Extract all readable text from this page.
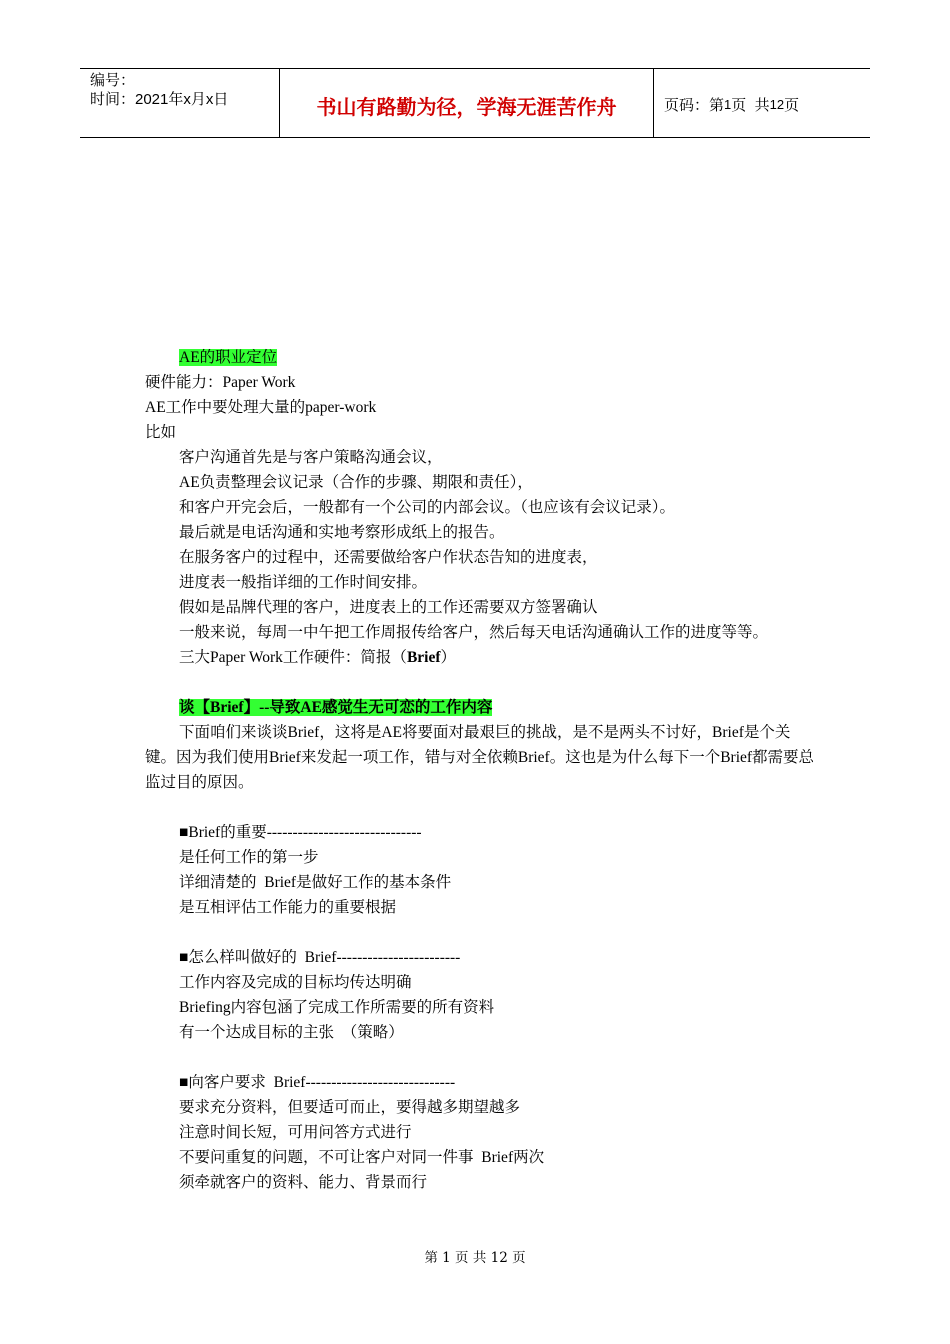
编号：
时间：2021年x月x日	书山有路勤为径，学海无涯苦作舟	页码：第 1 页  共 12 页
AE的职业定位
硬件能力：Paper Work
AE工作中要处理大量的paper-work
比如
客户沟通首先是与客户策略沟通会议，
AE负责整理会议记录（合作的步骤、期限和责任），
和客户开完会后，一般都有一个公司的内部会议。（也应该有会议记录）。
最后就是电话沟通和实地考察形成纸上的报告。
在服务客户的过程中，还需要做给客户作状态告知的进度表，
进度表一般指详细的工作时间安排。
假如是品牌代理的客户，进度表上的工作还需要双方签署确认
一般来说，每周一中午把工作周报传给客户，然后每天电话沟通确认工作的进度等等。
三大Paper Work工作硬件：简报（Brief）
谈【Brief】--导致AE感觉生无可恋的工作内容
下面咱们来谈谈Brief，这将是AE将要面对最艰巨的挑战，是不是两头不讨好，Brief是个关键。因为我们使用Brief来发起一项工作，错与对全依赖Brief。这也是为什么每下一个Brief都需要总监过目的原因。
■Brief的重要------------------------------
是任何工作的第一步
详细清楚的  Brief是做好工作的基本条件
是互相评估工作能力的重要根据
■怎么样叫做好的  Brief------------------------
工作内容及完成的目标均传达明确
Briefing内容包涵了完成工作所需要的所有资料
有一个达成目标的主张  （策略）
■向客户要求  Brief-----------------------------
要求充分资料，但要适可而止，要得越多期望越多
注意时间长短，可用问答方式进行
不要问重复的问题，不可让客户对同一件事  Brief两次
须牵就客户的资料、能力、背景而行
第 1 页 共 12 页
